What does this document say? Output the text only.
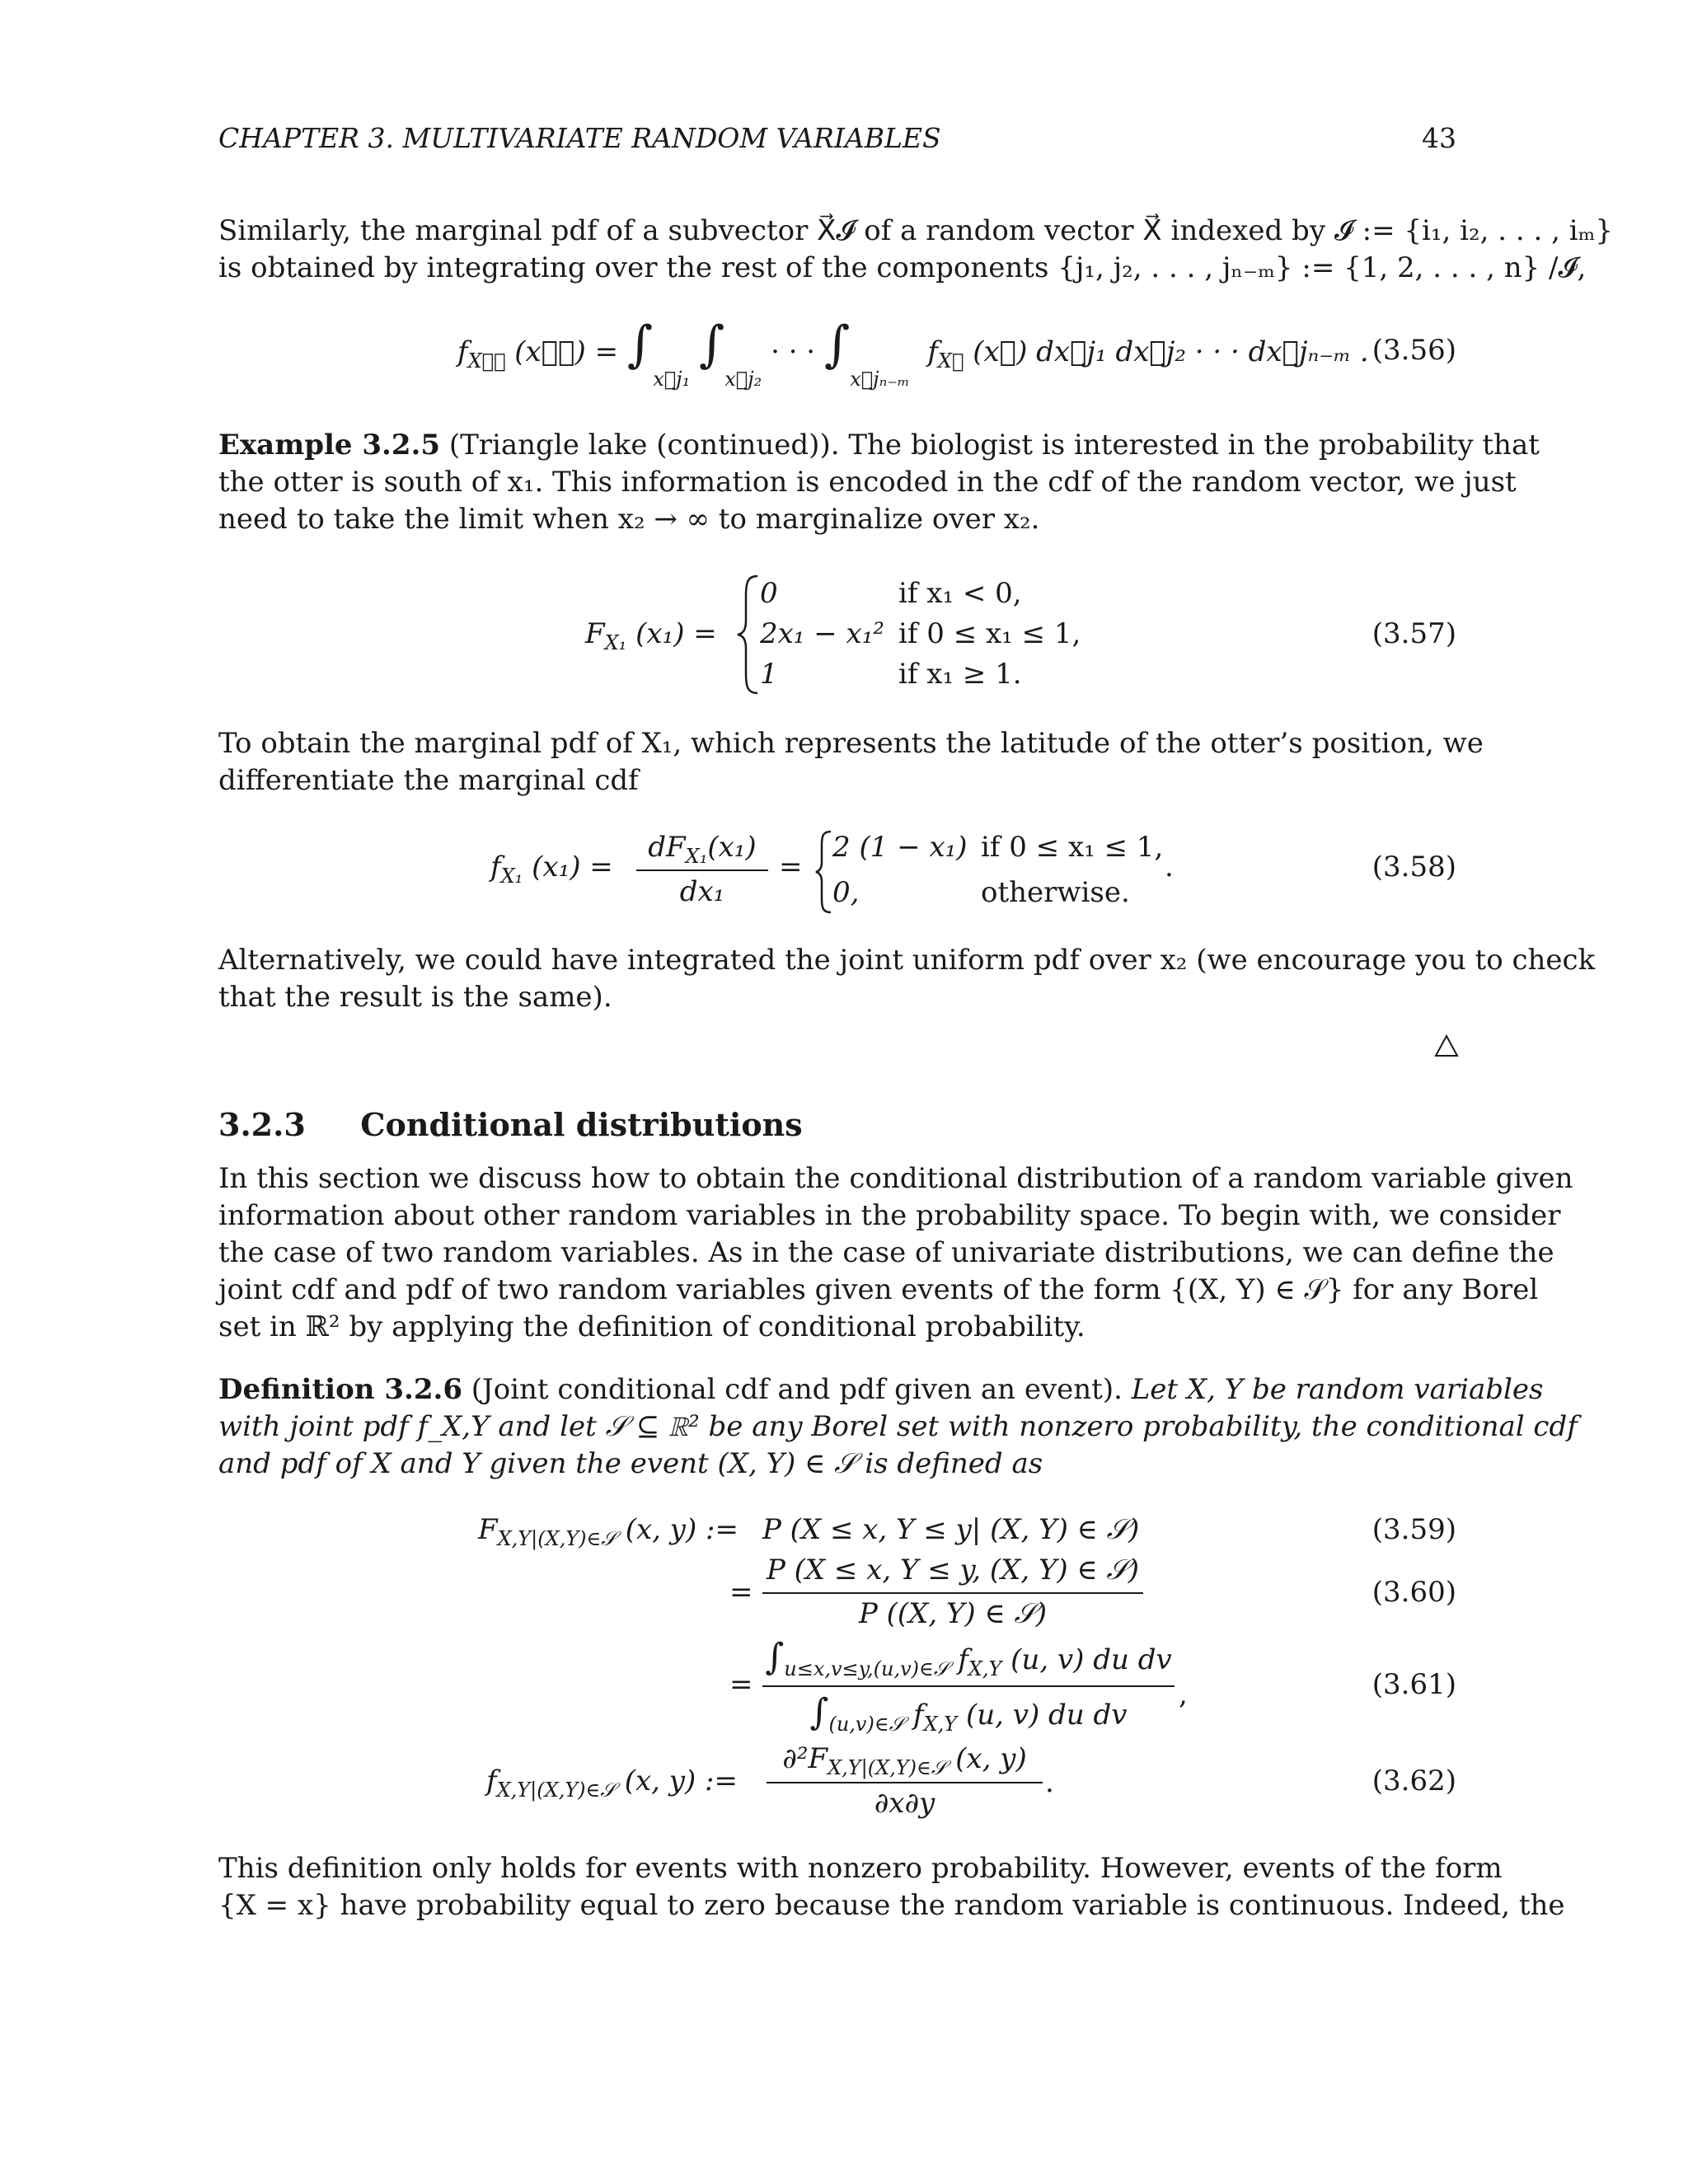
CHAPTER 3. MULTIVARIATE RANDOM VARIABLES	43
Similarly, the marginal pdf of a subvector X⃗𝓘 of a random vector X⃗ indexed by 𝓘 := {i₁, i₂, . . . , iₘ}
is obtained by integrating over the rest of the components {j₁, j₂, . . . , jₙ₋ₘ} := {1, 2, . . . , n} /𝓘,
$f_{X⃗𝓘}$ (x⃗𝓘) = $\int_{x⃗j_1}$ $\int_{x⃗j_2}$ · · · $\int_{x⃗j_{n-m}}$  $f_{X⃗}$ (x⃗) dx⃗j₁ dx⃗j₂ · · · dx⃗jₙ₋ₘ . (3.56)
Example 3.2.5 (Triangle lake (continued)). The biologist is interested in the probability that
the otter is south of x₁. This information is encoded in the cdf of the random vector, we just
need to take the limit when x₂ → ∞ to marginalize over x₂.
$F_{X_1}$ (x₁) =
0
2x₁ − x₁²
1
if x₁ < 0,
if 0 ≤ x₁ ≤ 1,
if x₁ ≥ 1.
(3.57)
To obtain the marginal pdf of X₁, which represents the latitude of the otter’s position, we
differentiate the marginal cdf
$f_{X_1}$ (x₁) =
$dF_{X_1}(x_1)$
dx₁
=
2 (1 − x₁)
0,
if 0 ≤ x₁ ≤ 1,
otherwise.
.	(3.58)
Alternatively, we could have integrated the joint uniform pdf over x₂ (we encourage you to check
that the result is the same).
3.2.3 Conditional distributions
In this section we discuss how to obtain the conditional distribution of a random variable given
information about other random variables in the probability space. To begin with, we consider
the case of two random variables. As in the case of univariate distributions, we can define the
joint cdf and pdf of two random variables given events of the form {(X, Y) ∈ 𝒮} for any Borel
set in ℝ² by applying the definition of conditional probability.
Definition 3.2.6 (Joint conditional cdf and pdf given an event). Let X, Y be random variables
with joint pdf f_X,Y and let 𝒮 ⊆ ℝ² be any Borel set with nonzero probability, the conditional cdf
and pdf of X and Y given the event (X, Y) ∈ 𝒮 is defined as
$F_{X,Y|(X,Y)\in 𝒮}$ (x, y) := P (X ≤ x, Y ≤ y| (X, Y) ∈ 𝒮)	(3.59)
=
P (X ≤ x, Y ≤ y, (X, Y) ∈ 𝒮)
P ((X, Y) ∈ 𝒮)
(3.60)
=
$\int_{u\le x,v\le y,(u,v)\in 𝒮}$ $f_{X,Y}$ (u, v) du dv
$\int_{(u,v)\in 𝒮}$ $f_{X,Y}$ (u, v) du dv
,	(3.61)
$f_{X,Y|(X,Y)\in 𝒮}$ (x, y) :=
$\partial^2F_{X,Y|(X,Y)\in 𝒮}$ (x, y)
∂x∂y
.	(3.62)
This definition only holds for events with nonzero probability. However, events of the form
{X = x} have probability equal to zero because the random variable is continuous. Indeed, the
